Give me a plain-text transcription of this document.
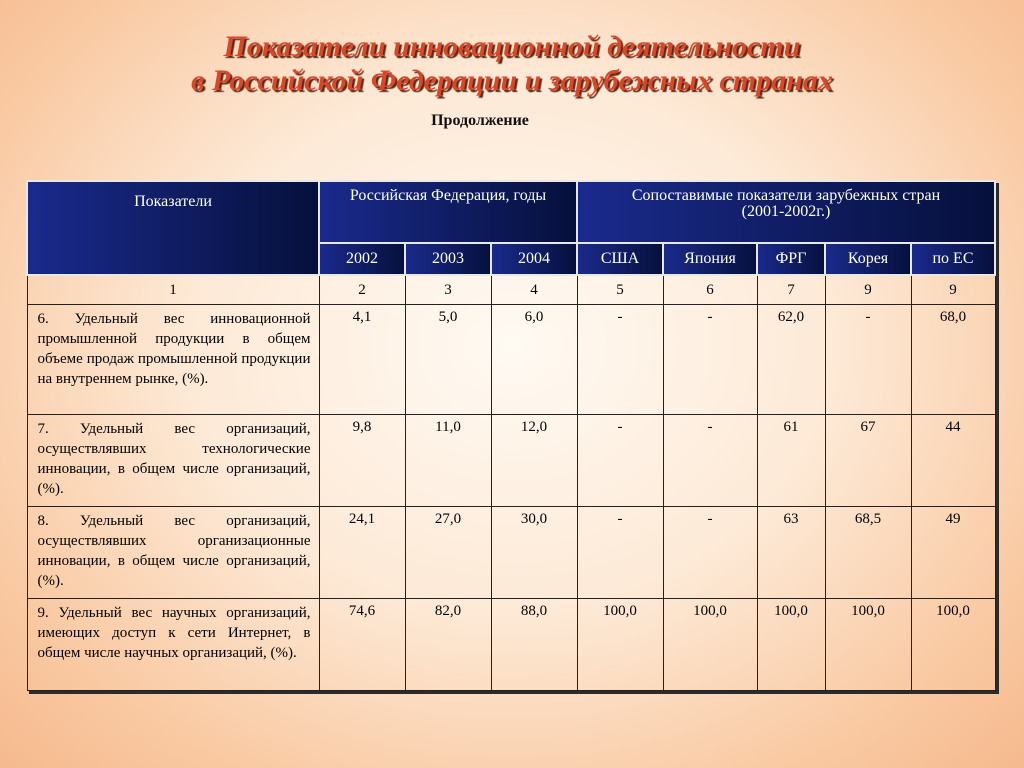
Показатели инновационной деятельности
в Российской Федерации и зарубежных странах
Продолжение
Показатели	Российская Федерация, годы			Сопоставимые показатели зарубежных стран
(2001-2002г.)				

	2002	2003	2004	США	Япония	ФРГ	Корея	по ЕС
1	2	3	4	5	6	7	9	9
6. Удельный вес инновационной промышленной продукции в общем объеме продаж промышленной продукции на внутреннем рынке, (%).	4,1	5,0	6,0	-	-	62,0	-	68,0
7. Удельный вес организаций, осуществлявших технологические инновации, в общем числе организаций, (%).	9,8	11,0	12,0	-	-	61	67	44
8. Удельный вес организаций, осуществлявших организационные инновации, в общем числе организаций, (%).	24,1	27,0	30,0	-	-	63	68,5	49
9. Удельный вес научных организаций, имеющих доступ к сети Интернет, в общем числе научных организаций, (%).	74,6	82,0	88,0	100,0	100,0	100,0	100,0	100,0
